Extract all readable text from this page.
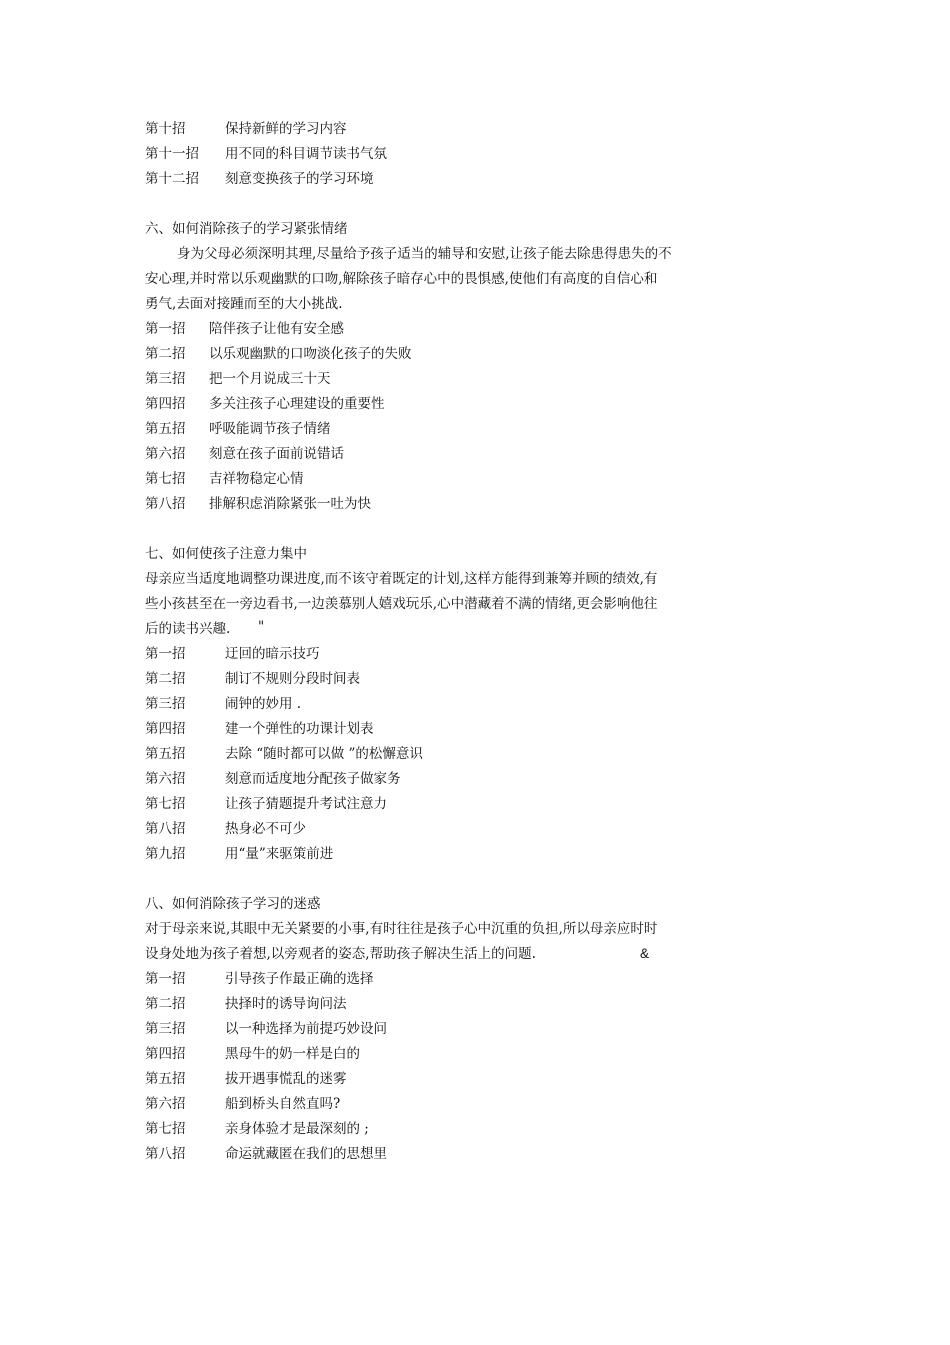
第十招	保持新鲜的学习内容
第十一招 用不同的科目调节读书气氛
第十二招 刻意变换孩子的学习环境
六、如何消除孩子的学习紧张情绪
身为父母必须深明其理,尽量给予孩子适当的辅导和安慰,让孩子能去除患得患失的不
安心理,并时常以乐观幽默的口吻,解除孩子暗存心中的畏惧感,使他们有高度的自信心和
勇气,去面对接踵而至的大小挑战.
第一招 陪伴孩子让他有安全感
第二招 以乐观幽默的口吻淡化孩子的失败
第三招 把一个月说成三十天
第四招 多关注孩子心理建设的重要性
第五招 呼吸能调节孩子情绪
第六招 刻意在孩子面前说错话
第七招 吉祥物稳定心情
第八招 排解积虑消除紧张一吐为快
七、如何使孩子注意力集中
母亲应当适度地调整功课进度,而不该守着既定的计划,这样方能得到兼筹并顾的绩效,有
些小孩甚至在一旁边看书,一边羡慕别人嬉戏玩乐,心中潜藏着不满的情绪,更会影响他往
后的读书兴趣. "
第一招	迂回的暗示技巧
第二招	制订不规则分段时间表
第三招	闹钟的妙用 .
第四招	建一个弹性的功课计划表
第五招	去除 “随时都可以做 ”的松懈意识
第六招	刻意而适度地分配孩子做家务
第七招	让孩子猜题提升考试注意力
第八招	热身必不可少
第九招	用“量”来驱策前进
八、如何消除孩子学习的迷惑
对于母亲来说,其眼中无关紧要的小事,有时往往是孩子心中沉重的负担,所以母亲应时时
设身处地为孩子着想,以旁观者的姿态,帮助孩子解决生活上的问题.	&
第一招	引导孩子作最正确的选择
第二招	抉择时的诱导询问法
第三招	以一种选择为前提巧妙设问
第四招	黑母牛的奶一样是白的
第五招	拔开遇事慌乱的迷雾
第六招	船到桥头自然直吗?
第七招	亲身体验才是最深刻的 ;
第八招	命运就藏匿在我们的思想里
